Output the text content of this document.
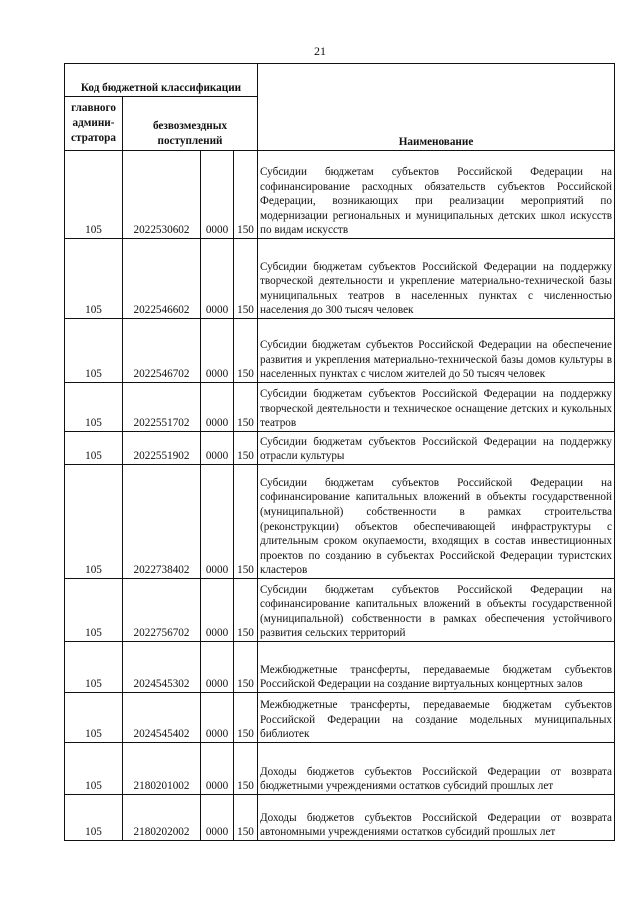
21
Код бюджетной классификации				Наименование
главного админи-стратора	безвозмездных поступлений			
105	2022530602	0000	150	Субсидии бюджетам субъектов Российской Федерации на софинансирование расходных обязательств субъектов Российской Федерации, возникающих при реализации мероприятий по модернизации региональных и муниципальных детских школ искусств по видам искусств
105	2022546602	0000	150	Субсидии бюджетам субъектов Российской Федерации на поддержку творческой деятельности и укрепление материально-технической базы муниципальных театров в населенных пунктах с численностью населения до 300 тысяч человек
105	2022546702	0000	150	Субсидии бюджетам субъектов Российской Федерации на обеспечение развития и укрепления материально-технической базы домов культуры в населенных пунктах с числом жителей до 50 тысяч человек
105	2022551702	0000	150	Субсидии бюджетам субъектов Российской Федерации на поддержку творческой деятельности и техническое оснащение детских и кукольных театров
105	2022551902	0000	150	Субсидии бюджетам субъектов Российской Федерации на поддержку отрасли культуры
105	2022738402	0000	150	Субсидии бюджетам субъектов Российской Федерации на софинансирование капитальных вложений в объекты государственной (муниципальной) собственности в рамках строительства (реконструкции) объектов обеспечивающей инфраструктуры с длительным сроком окупаемости, входящих в состав инвестиционных проектов по созданию в субъектах Российской Федерации туристских кластеров
105	2022756702	0000	150	Субсидии бюджетам субъектов Российской Федерации на софинансирование капитальных вложений в объекты государственной (муниципальной) собственности в рамках обеспечения устойчивого развития сельских территорий
105	2024545302	0000	150	Межбюджетные трансферты, передаваемые бюджетам субъектов Российской Федерации на создание виртуальных концертных залов
105	2024545402	0000	150	Межбюджетные трансферты, передаваемые бюджетам субъектов Российской Федерации на создание модельных муниципальных библиотек
105	2180201002	0000	150	Доходы бюджетов субъектов Российской Федерации от возврата бюджетными учреждениями остатков субсидий прошлых лет
105	2180202002	0000	150	Доходы бюджетов субъектов Российской Федерации от возврата автономными учреждениями остатков субсидий прошлых лет
